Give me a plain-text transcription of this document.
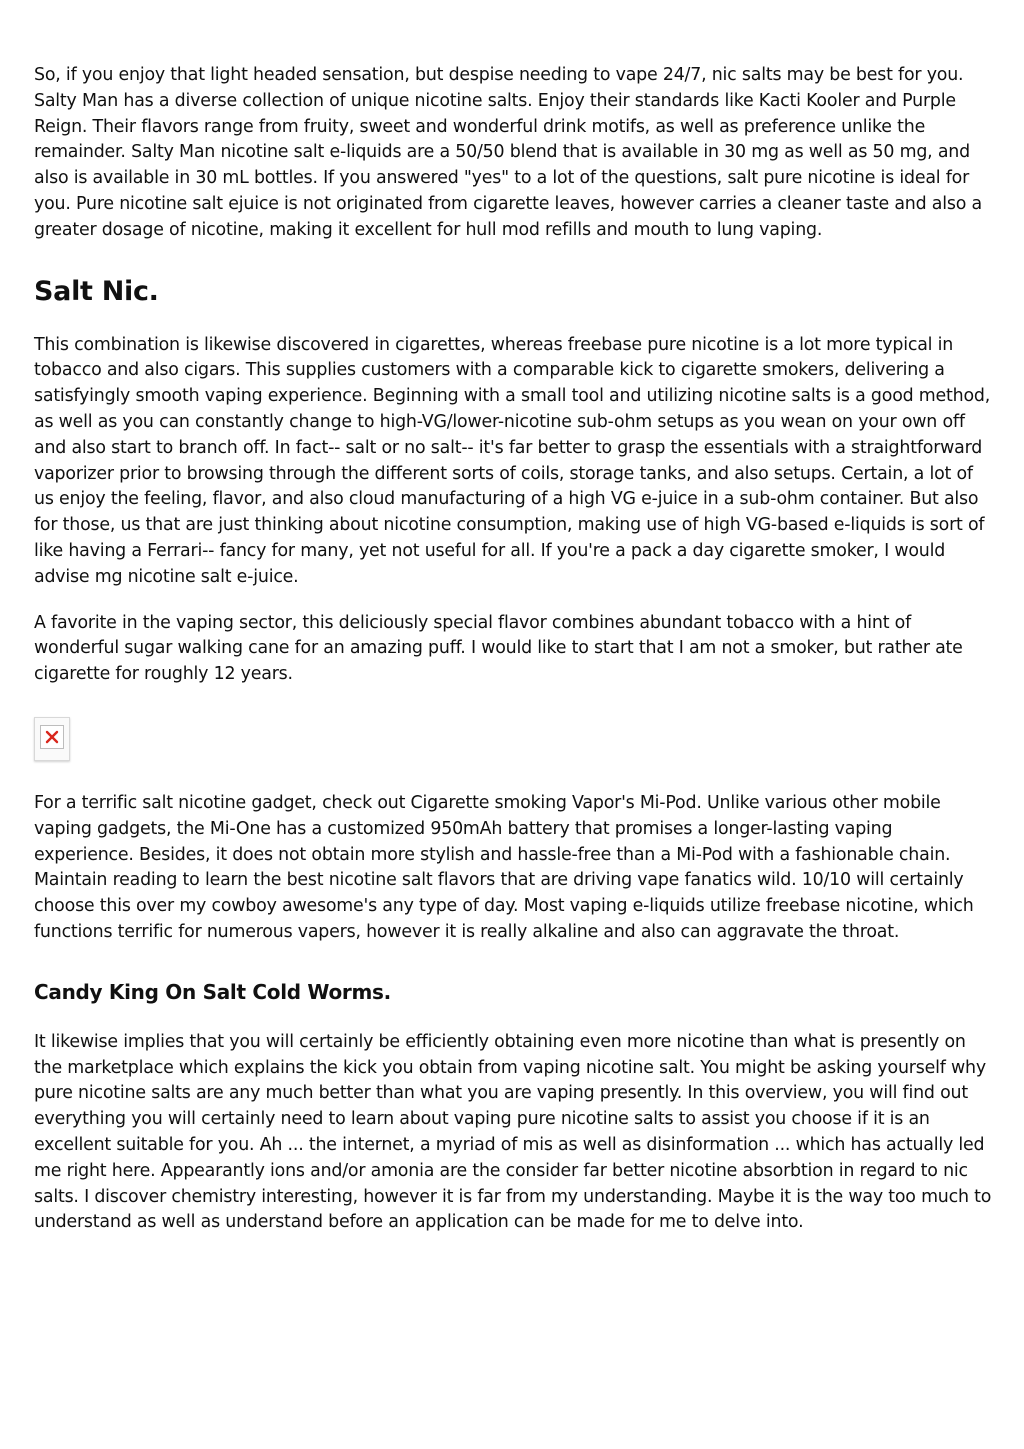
So, if you enjoy that light headed sensation, but despise needing to vape 24/7, nic salts may be best for you. Salty Man has a diverse collection of unique nicotine salts. Enjoy their standards like Kacti Kooler and Purple Reign. Their flavors range from fruity, sweet and wonderful drink motifs, as well as preference unlike the remainder. Salty Man nicotine salt e-liquids are a 50/50 blend that is available in 30 mg as well as 50 mg, and also is available in 30 mL bottles. If you answered "yes" to a lot of the questions, salt pure nicotine is ideal for you. Pure nicotine salt ejuice is not originated from cigarette leaves, however carries a cleaner taste and also a greater dosage of nicotine, making it excellent for hull mod refills and mouth to lung vaping.

Salt Nic.

This combination is likewise discovered in cigarettes, whereas freebase pure nicotine is a lot more typical in tobacco and also cigars. This supplies customers with a comparable kick to cigarette smokers, delivering a satisfyingly smooth vaping experience. Beginning with a small tool and utilizing nicotine salts is a good method, as well as you can constantly change to high-VG/lower-nicotine sub-ohm setups as you wean on your own off and also start to branch off. In fact-- salt or no salt-- it's far better to grasp the essentials with a straightforward vaporizer prior to browsing through the different sorts of coils, storage tanks, and also setups. Certain, a lot of us enjoy the feeling, flavor, and also cloud manufacturing of a high VG e-juice in a sub-ohm container. But also for those, us that are just thinking about nicotine consumption, making use of high VG-based e-liquids is sort of like having a Ferrari-- fancy for many, yet not useful for all. If you're a pack a day cigarette smoker, I would advise mg nicotine salt e-juice.

A favorite in the vaping sector, this deliciously special flavor combines abundant tobacco with a hint of wonderful sugar walking cane for an amazing puff. I would like to start that I am not a smoker, but rather ate cigarette for roughly 12 years.

For a terrific salt nicotine gadget, check out Cigarette smoking Vapor's Mi-Pod. Unlike various other mobile vaping gadgets, the Mi-One has a customized 950mAh battery that promises a longer-lasting vaping experience. Besides, it does not obtain more stylish and hassle-free than a Mi-Pod with a fashionable chain. Maintain reading to learn the best nicotine salt flavors that are driving vape fanatics wild. 10/10 will certainly choose this over my cowboy awesome's any type of day. Most vaping e-liquids utilize freebase nicotine, which functions terrific for numerous vapers, however it is really alkaline and also can aggravate the throat.

Candy King On Salt Cold Worms.

It likewise implies that you will certainly be efficiently obtaining even more nicotine than what is presently on the marketplace which explains the kick you obtain from vaping nicotine salt. You might be asking yourself why pure nicotine salts are any much better than what you are vaping presently. In this overview, you will find out everything you will certainly need to learn about vaping pure nicotine salts to assist you choose if it is an excellent suitable for you. Ah ... the internet, a myriad of mis as well as disinformation ... which has actually led me right here. Appearantly ions and/or amonia are the consider far better nicotine absorbtion in regard to nic salts. I discover chemistry interesting, however it is far from my understanding. Maybe it is the way too much to understand as well as understand before an application can be made for me to delve into.
